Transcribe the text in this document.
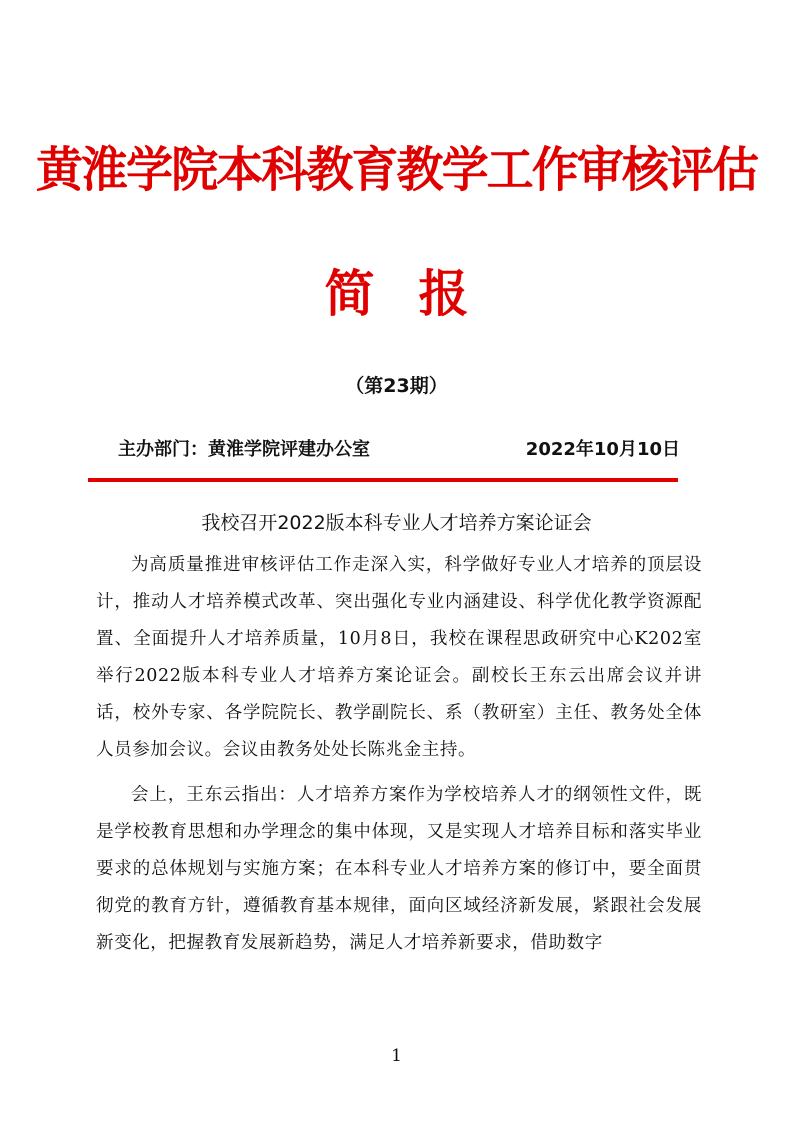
黄淮学院本科教育教学工作审核评估
简报
（第23期）
主办部门：黄淮学院评建办公室	2022年10月10日
我校召开2022版本科专业人才培养方案论证会

为高质量推进审核评估工作走深入实，科学做好专业人才培养的顶层设计，推动人才培养模式改革、突出强化专业内涵建设、科学优化教学资源配置、全面提升人才培养质量，10月8日，我校在课程思政研究中心K202室举行2022版本科专业人才培养方案论证会。副校长王东云出席会议并讲话，校外专家、各学院院长、教学副院长、系（教研室）主任、教务处全体人员参加会议。会议由教务处处长陈兆金主持。

会上，王东云指出：人才培养方案作为学校培养人才的纲领性文件，既是学校教育思想和办学理念的集中体现，又是实现人才培养目标和落实毕业要求的总体规划与实施方案；在本科专业人才培养方案的修订中，要全面贯彻党的教育方针，遵循教育基本规律，面向区域经济新发展，紧跟社会发展新变化，把握教育发展新趋势，满足人才培养新要求，借助数字

1
